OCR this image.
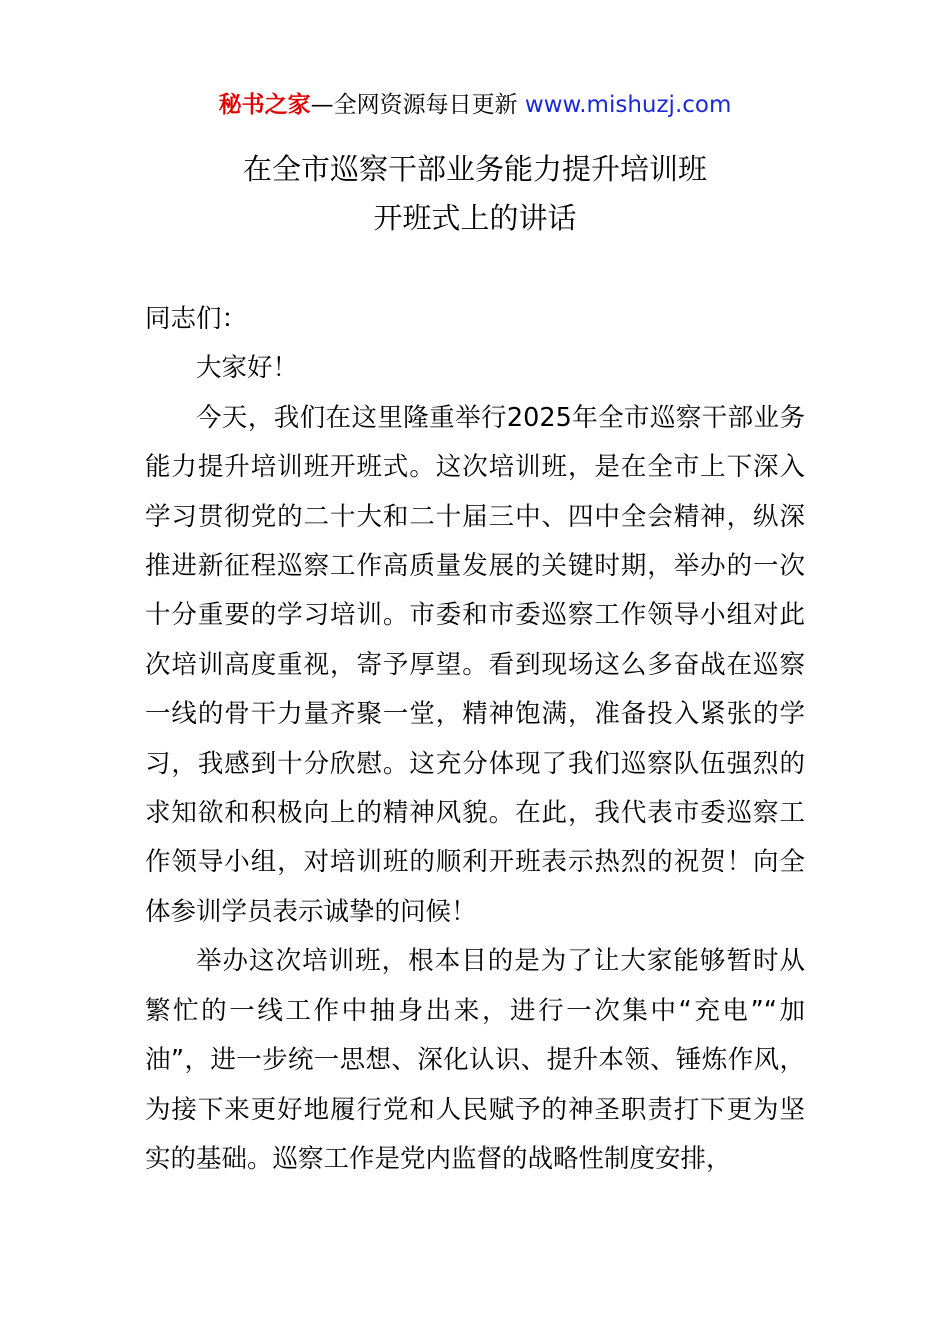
秘书之家—全网资源每日更新 www.mishuzj.com
在全市巡察干部业务能力提升培训班
开班式上的讲话

同志们：

大家好！

今天，我们在这里隆重举行2025年全市巡察干部业务能力提升培训班开班式。这次培训班，是在全市上下深入学习贯彻党的二十大和二十届三中、四中全会精神，纵深推进新征程巡察工作高质量发展的关键时期，举办的一次十分重要的学习培训。市委和市委巡察工作领导小组对此次培训高度重视，寄予厚望。看到现场这么多奋战在巡察一线的骨干力量齐聚一堂，精神饱满，准备投入紧张的学习，我感到十分欣慰。这充分体现了我们巡察队伍强烈的求知欲和积极向上的精神风貌。在此，我代表市委巡察工作领导小组，对培训班的顺利开班表示热烈的祝贺！向全体参训学员表示诚挚的问候！

举办这次培训班，根本目的是为了让大家能够暂时从繁忙的一线工作中抽身出来，进行一次集中“充电”“加油”，进一步统一思想、深化认识、提升本领、锤炼作风，为接下来更好地履行党和人民赋予的神圣职责打下更为坚实的基础。巡察工作是党内监督的战略性制度安排，
